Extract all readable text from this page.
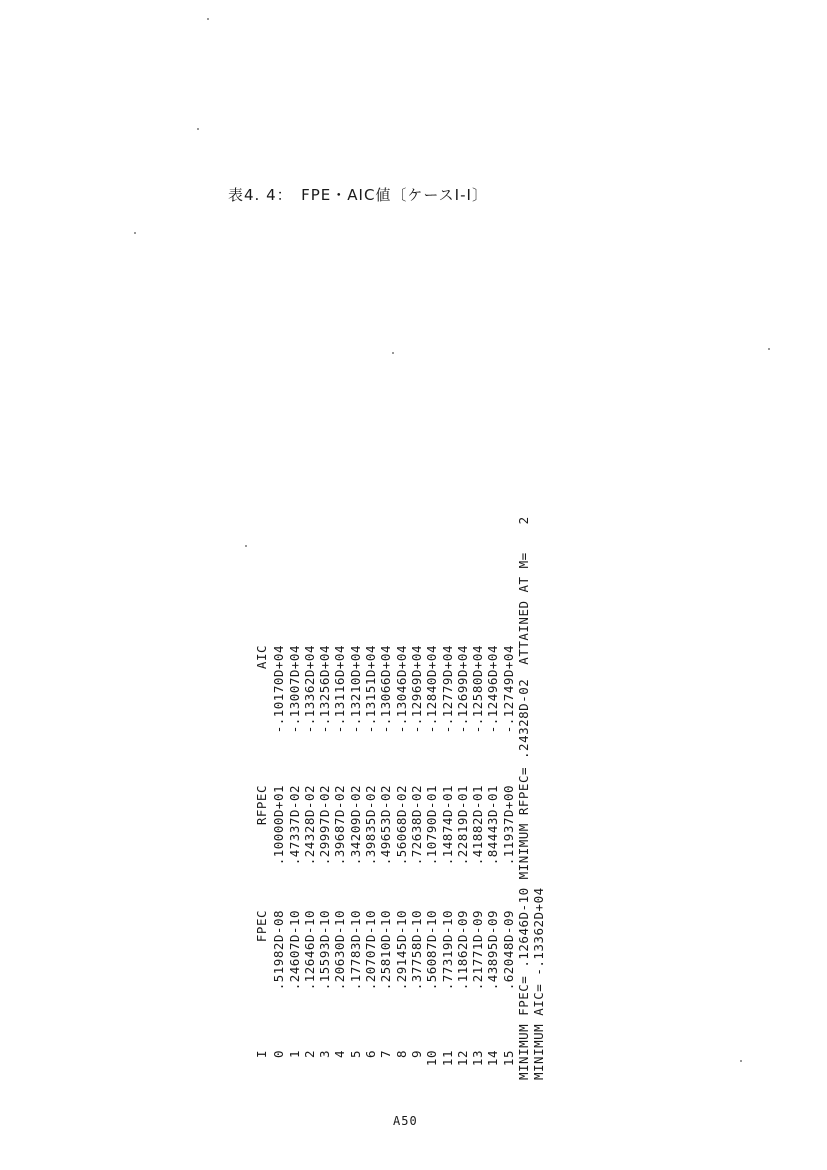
表4. 4：　FPE・AIC値〔ケースI-I〕
I
FPEC
RFPEC
AIC
0
.51982D-08
.10000D+01
-.10170D+04
1
.24607D-10
.47337D-02
-.13007D+04
2
.12646D-10
.24328D-02
-.13362D+04
3
.15593D-10
.29997D-02
-.13256D+04
4
.20630D-10
.39687D-02
-.13116D+04
5
.17783D-10
.34209D-02
-.13210D+04
6
.20707D-10
.39835D-02
-.13151D+04
7
.25810D-10
.49653D-02
-.13066D+04
8
.29145D-10
.56068D-02
-.13046D+04
9
.37758D-10
.72638D-02
-.12969D+04
10
.56087D-10
.10790D-01
-.12840D+04
11
.77319D-10
.14874D-01
-.12779D+04
12
.11862D-09
.22819D-01
-.12699D+04
13
.21771D-09
.41882D-01
-.12580D+04
14
.43895D-09
.84443D-01
-.12496D+04
15
.62048D-09
.11937D+00
-.12749D+04 MINIMUM FPEC= .12646D-10 MINIMUM RFPEC= .24328D-02
ATTAINED AT M=
2
MINIMUM AIC= -.13362D+04
A50
